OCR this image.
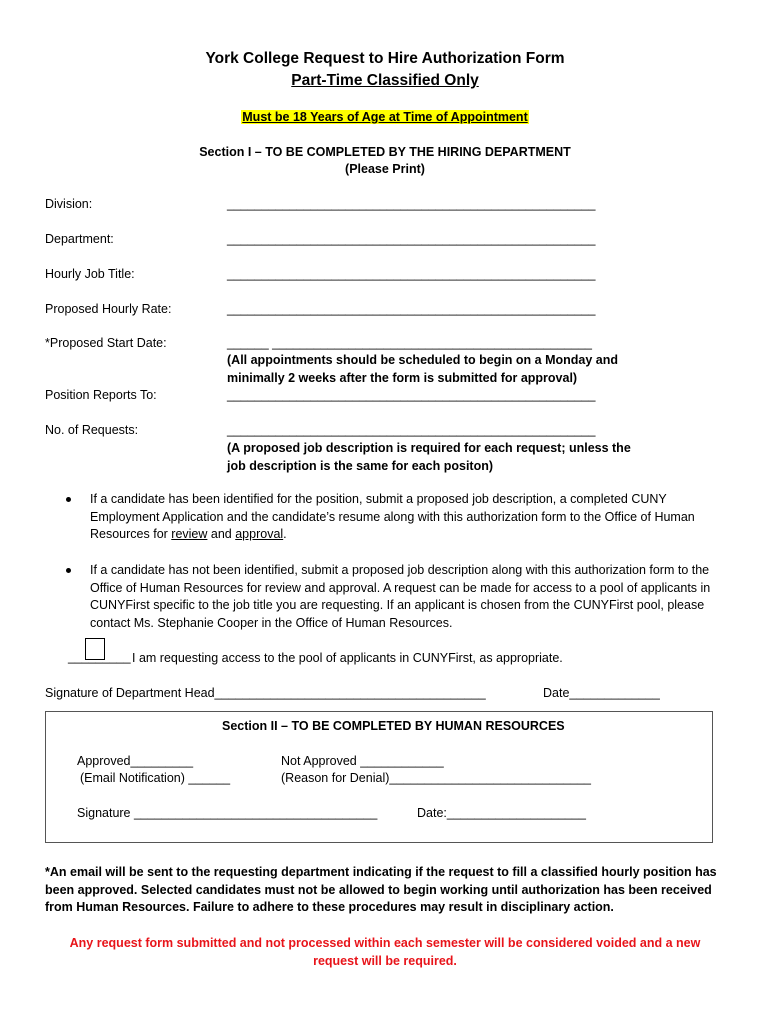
York College Request to Hire Authorization Form
Part-Time Classified Only
Must be 18 Years of Age at Time of Appointment
Section I – TO BE COMPLETED BY THE HIRING DEPARTMENT
(Please Print)
Division:	_____________________________________________________
Department:	_____________________________________________________
Hourly Job Title:	_____________________________________________________
Proposed Hourly Rate:	_____________________________________________________
*Proposed Start Date:	______ ______________________________________________
(All appointments should be scheduled to begin on a Monday and minimally 2 weeks after the form is submitted for approval)
Position Reports To:	_____________________________________________________
No. of Requests:	_____________________________________________________
(A proposed job description is required for each request; unless the job description is the same for each positon)
If a candidate has been identified for the position, submit a proposed job description, a completed CUNY Employment Application and the candidate’s resume along with this authorization form to the Office of Human Resources for review and approval.
If a candidate has not been identified, submit a proposed job description along with this authorization form to the Office of Human Resources for review and approval. A request can be made for access to a pool of applicants in CUNYFirst specific to the job title you are requesting. If an applicant is chosen from the CUNYFirst pool, please contact Ms. Stephanie Cooper in the Office of Human Resources.
_________ I am requesting access to the pool of applicants in CUNYFirst, as appropriate.
Signature of Department Head_______________________________________	Date_____________
Section II – TO BE COMPLETED BY HUMAN RESOURCES
Approved_________
(Email Notification) ______
Not Approved ____________
(Reason for Denial)_____________________________
Signature ___________________________________	Date:____________________
*An email will be sent to the requesting department indicating if the request to fill a classified hourly position has been approved. Selected candidates must not be allowed to begin working until authorization has been received from Human Resources. Failure to adhere to these procedures may result in disciplinary action.
Any request form submitted and not processed within each semester will be considered voided and a new request will be required.
